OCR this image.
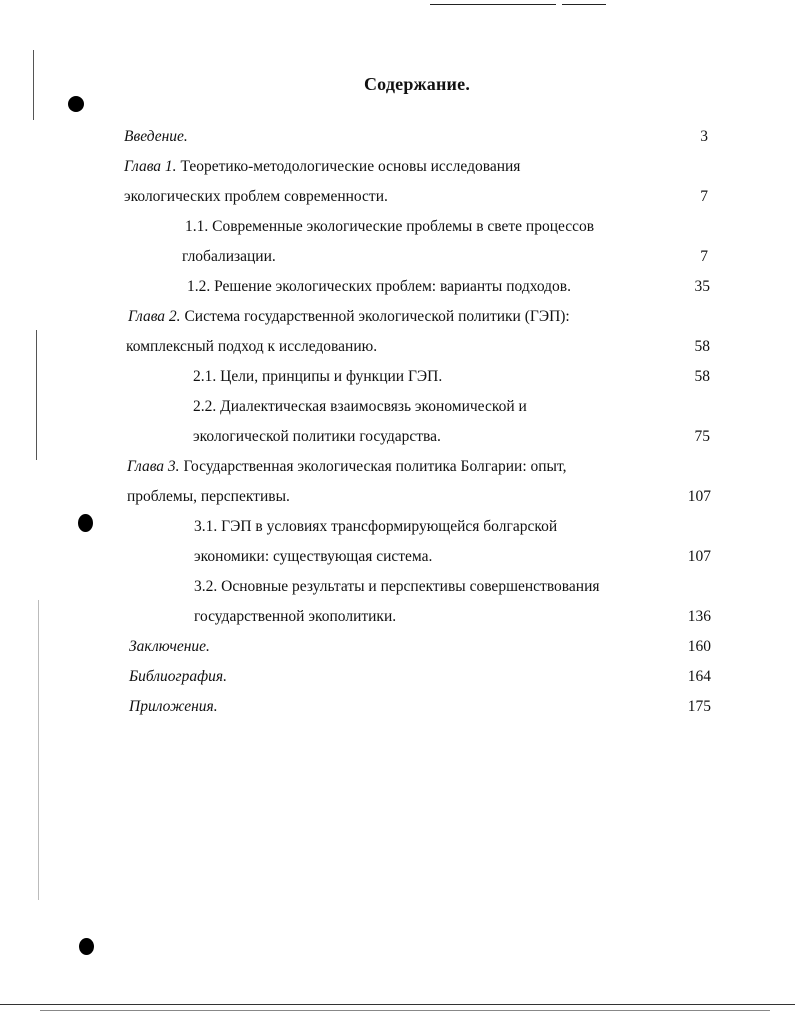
Содержание.
Введение.	3
Глава 1. Теоретико-методологические основы исследования
экологических проблем современности.	7
1.1. Современные экологические проблемы в свете процессов
глобализации.	7
1.2. Решение экологических проблем: варианты подходов.	35
Глава 2. Система государственной экологической политики (ГЭП):
комплексный подход к исследованию.	58
2.1. Цели, принципы и функции ГЭП.	58
2.2. Диалектическая взаимосвязь экономической и
экологической политики государства.	75
Глава 3. Государственная экологическая политика Болгарии: опыт,
проблемы, перспективы.	107
3.1. ГЭП в условиях трансформирующейся болгарской
экономики: существующая система.	107
3.2. Основные результаты и перспективы совершенствования
государственной экополитики.	136
Заключение.	160
Библиография.	164
Приложения.	175
